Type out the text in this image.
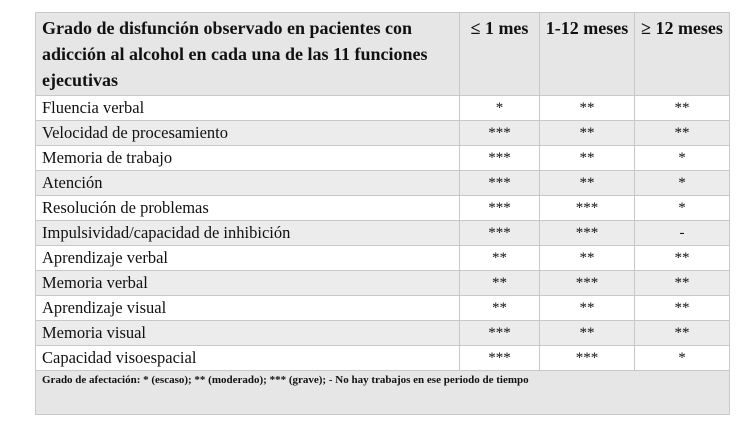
Grado de disfunción observado en pacientes con adicción al alcohol en cada una de las 11 funciones ejecutivas	≤ 1 mes	1-12 meses	≥ 12 meses
Fluencia verbal	*	**	**
Velocidad de procesamiento	***	**	**
Memoria de trabajo	***	**	*
Atención	***	**	*
Resolución de problemas	***	***	*
Impulsividad/capacidad de inhibición	***	***	-
Aprendizaje verbal	**	**	**
Memoria verbal	**	***	**
Aprendizaje visual	**	**	**
Memoria visual	***	**	**
Capacidad visoespacial	***	***	*
Grado de afectación: * (escaso); ** (moderado); *** (grave); - No hay trabajos en ese periodo de tiempo			
